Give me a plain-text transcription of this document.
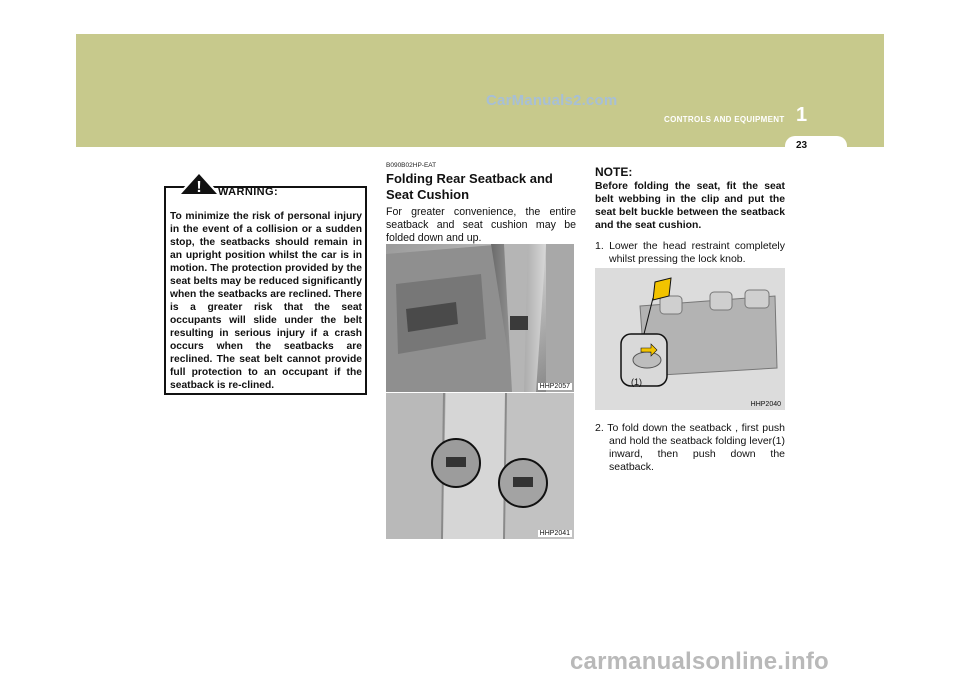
CarManuals2.com
CONTROLS AND EQUIPMENT 1
23
To minimize the risk of personal injury in the event of a collision or a sudden stop, the seatbacks should remain in an upright position whilst the car is in motion. The protection provided by the seat belts may be reduced significantly when the seatbacks are reclined. There is a greater risk that the seat occupants will slide under the belt resulting in serious injury if a crash occurs when the seatbacks are reclined. The seat belt cannot provide full protection to an occupant if the seatback is re-clined.
! WARNING:
B090B02HP-EAT
Folding Rear Seatback and Seat Cushion
For greater convenience, the entire seatback and seat cushion may be folded down and up.
HHP2057
HHP2041
NOTE:
Before folding the seat, fit the seat belt webbing in the clip and put the seat belt buckle between the seatback and the seat cushion.
1. Lower the head restraint completely whilst pressing the lock knob.
(1)
HHP2040
2. To fold down the seatback , first push and hold the seatback folding lever(1) inward, then push down the seatback.
carmanualsonline.info
